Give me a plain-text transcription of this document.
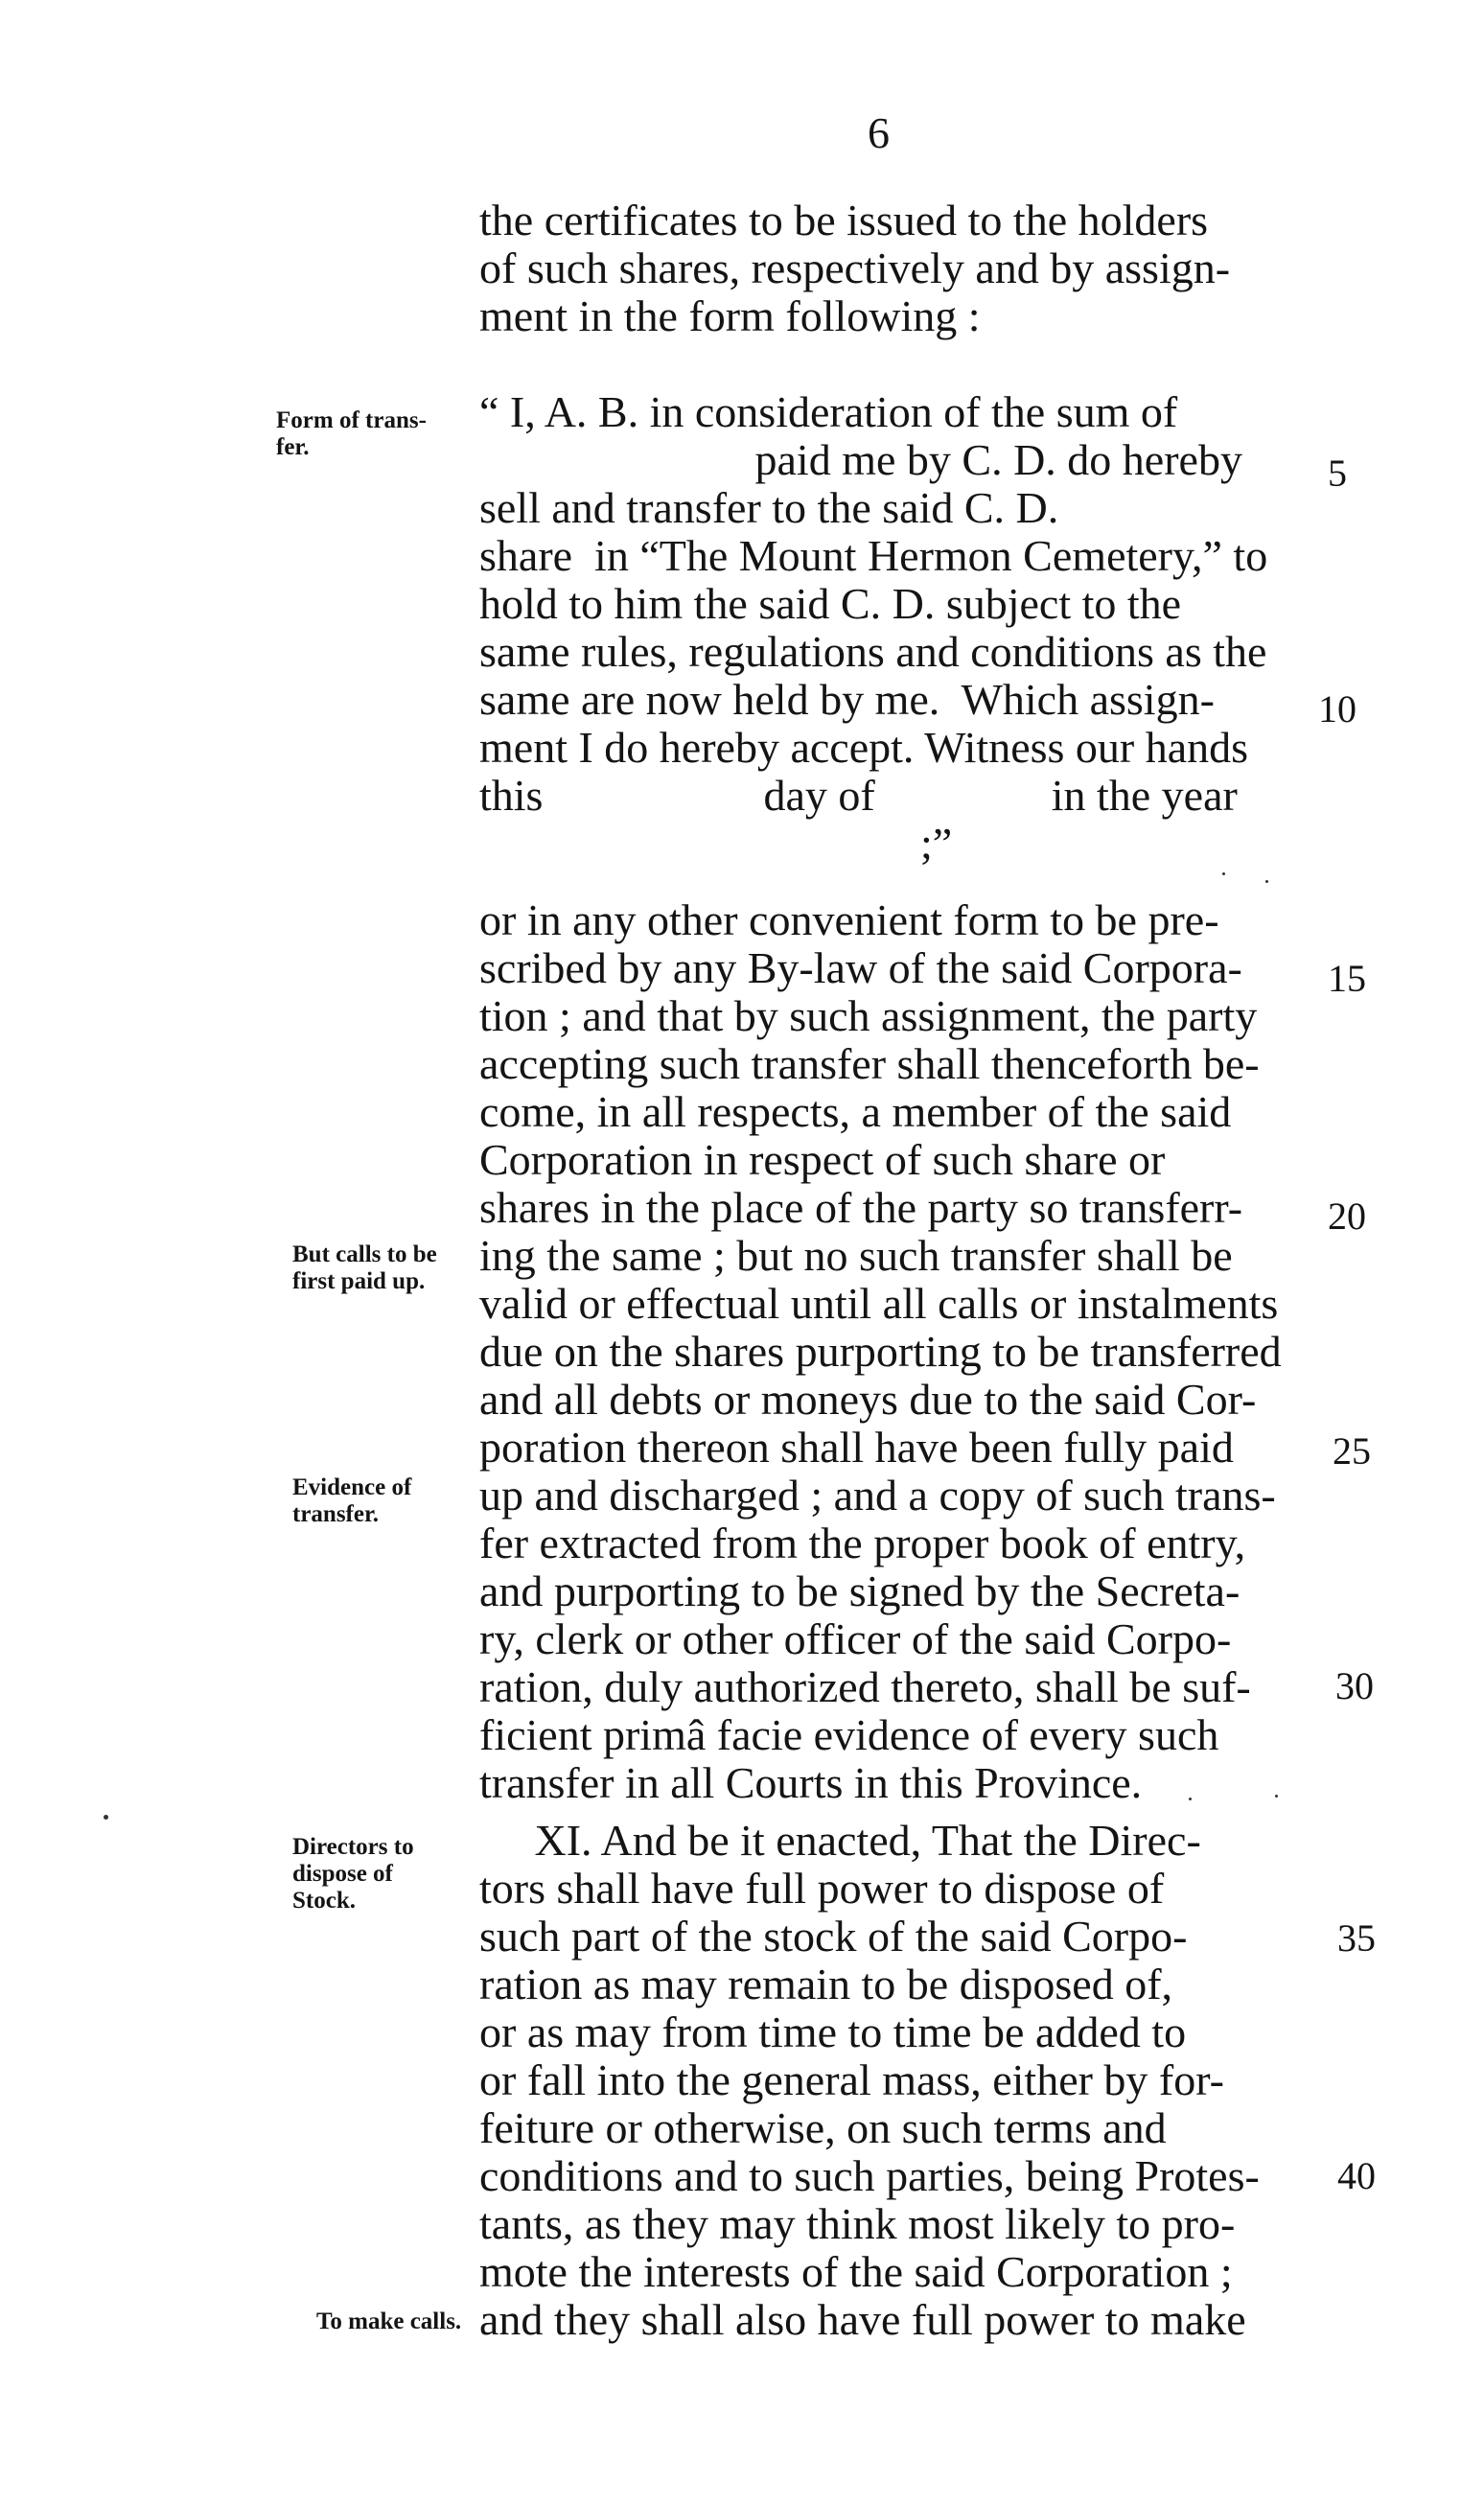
6
the certificates to be issued to the holders
of such shares, respectively and by assign-
ment in the form following :
“ I, A. B. in consideration of the sum of
paid me by C. D. do hereby
sell and transfer to the said C. D.
share  in “The Mount Hermon Cemetery,” to
hold to him the said C. D. subject to the
same rules, regulations and conditions as the
same are now held by me.  Which assign-
ment I do hereby accept. Witness our hands
this                    day of                in the year
;”
or in any other convenient form to be pre-
scribed by any By-law of the said Corpora-
tion ; and that by such assignment, the party
accepting such transfer shall thenceforth be-
come, in all respects, a member of the said
Corporation in respect of such share or
shares in the place of the party so transferr-
ing the same ; but no such transfer shall be
valid or effectual until all calls or instalments
due on the shares purporting to be transferred
and all debts or moneys due to the said Cor-
poration thereon shall have been fully paid
up and discharged ; and a copy of such trans-
fer extracted from the proper book of entry,
and purporting to be signed by the Secreta-
ry, clerk or other officer of the said Corpo-
ration, duly authorized thereto, shall be suf-
ficient primâ facie evidence of every such
transfer in all Courts in this Province.
XI. And be it enacted, That the Direc-
tors shall have full power to dispose of
such part of the stock of the said Corpo-
ration as may remain to be disposed of,
or as may from time to time be added to
or fall into the general mass, either by for-
feiture or otherwise, on such terms and
conditions and to such parties, being Protes-
tants, as they may think most likely to pro-
mote the interests of the said Corporation ;
and they shall also have full power to make
Form of trans-
fer.
But calls to be
first paid up.
Evidence of
transfer.
Directors to
dispose of
Stock.
To make calls.
5
10
15
20
25
30
35
40
